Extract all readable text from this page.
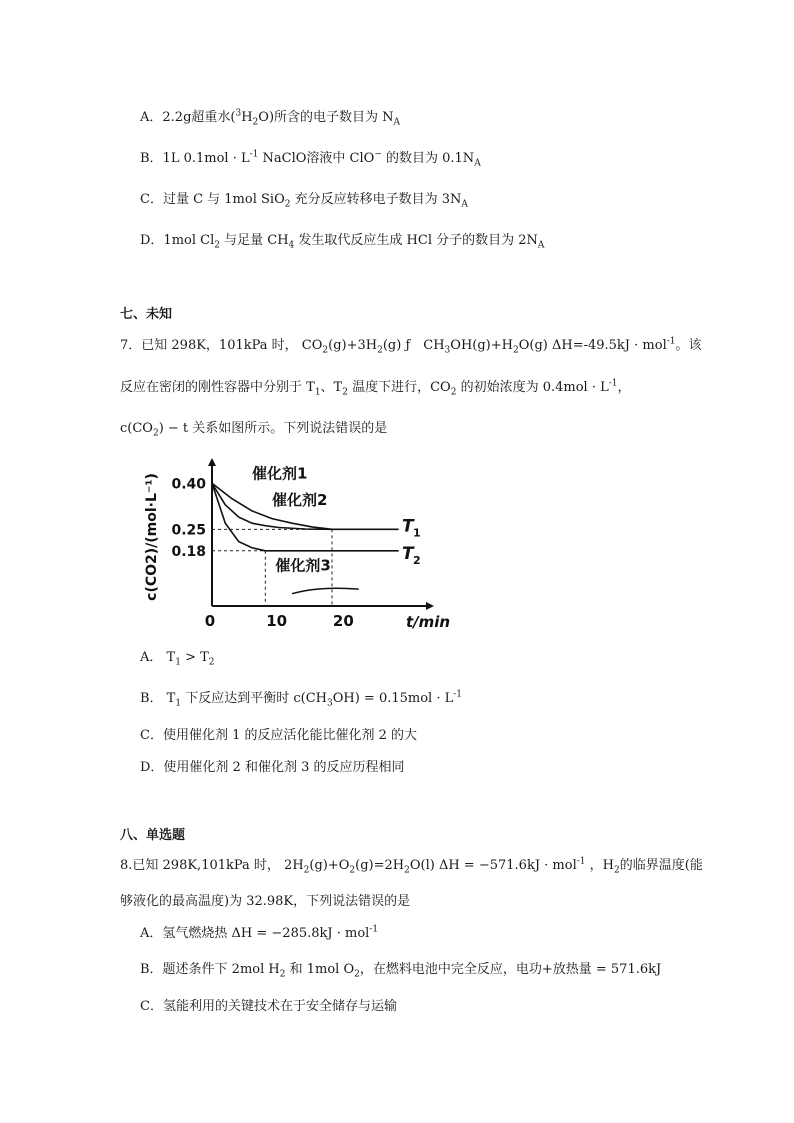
A．2.2g超重水$(^3H_2O)$所含的电子数目为 $N_A$
B．1L $0.1mol \cdot L^{-1}$ NaClO溶液中 ClO− 的数目为 $0.1N_A$
C．过量 C 与 1mol SiO$_2$ 充分反应转移电子数目为 $3N_A$
D．1mol $Cl_2$ 与足量 $CH_4$ 发生取代反应生成 HCl 分子的数目为 $2N_A$
七、未知
7．已知 298K，101kPa 时， $CO_2(g)+3H_2(g)$ ƒ　$CH_3OH(g)+H_2O(g) \Delta H=-49.5kJ \cdot mol^{-1}$。该
反应在密闭的刚性容器中分别于 $T_1$、$T_2$ 温度下进行，$CO_2$ 的初始浓度为 $0.4mol \cdot L^{-1}$，
$c(CO_2) - t$ 关系如图所示。下列说法错误的是
0.40
0.25
0.18
0	10	20	t/min
c(CO2)/(mol·L⁻¹)	催化剂1
催化剂2
催化剂3
T 1
T 2
A． $T_1 > T_2$
B． $T_1$ 下反应达到平衡时 $c(CH_3OH) = 0.15mol \cdot L^{-1}$
C．使用催化剂 1 的反应活化能比催化剂 2 的大
D．使用催化剂 2 和催化剂 3 的反应历程相同
八、单选题
8.已知 298K,101kPa 时， $2H_2(g)+O_2(g)=2H_2O(l) \Delta H = -571.6kJ \cdot mol^{-1}$ ，$H_2$的临界温度(能
够液化的最高温度)为 32.98K，下列说法错误的是
A．氢气燃烧热 ΔH = −285.8kJ · mol$^{-1}$
B．题述条件下 2mol $H_2$ 和 1mol $O_2$，在燃料电池中完全反应，电功+放热量 = 571.6kJ
C．氢能利用的关键技术在于安全储存与运输
